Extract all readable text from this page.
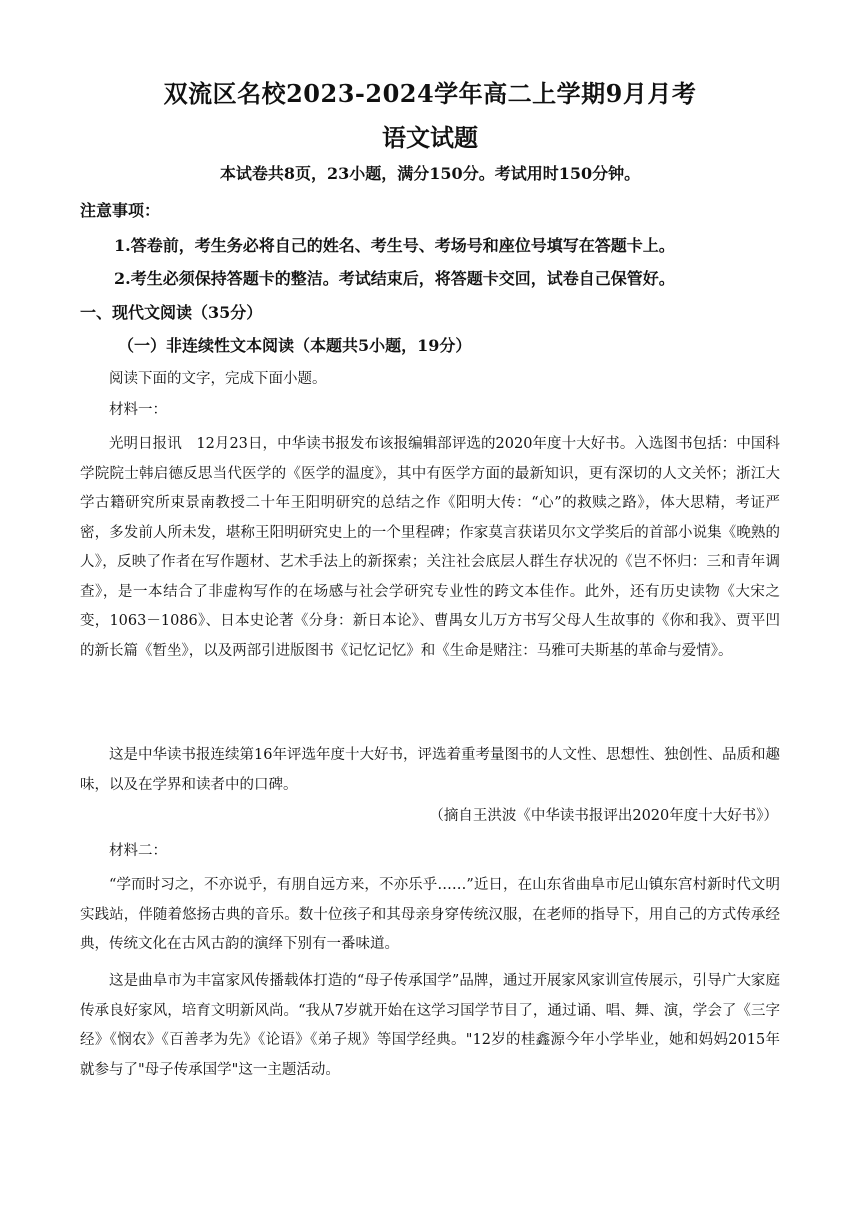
双流区名校2023-2024学年高二上学期9月月考
语文试题
本试卷共8页，23小题，满分150分。考试用时150分钟。
注意事项：
1.答卷前，考生务必将自己的姓名、考生号、考场号和座位号填写在答题卡上。
2.考生必须保持答题卡的整洁。考试结束后，将答题卡交回，试卷自己保管好。
一、现代文阅读（35分）
（一）非连续性文本阅读（本题共5小题，19分）
阅读下面的文字，完成下面小题。
材料一：
光明日报讯　12月23日，中华读书报发布该报编辑部评选的2020年度十大好书。入选图书包括：中国科学院院士韩启德反思当代医学的《医学的温度》，其中有医学方面的最新知识，更有深切的人文关怀；浙江大学古籍研究所束景南教授二十年王阳明研究的总结之作《阳明大传：“心”的救赎之路》，体大思精，考证严密，多发前人所未发，堪称王阳明研究史上的一个里程碑；作家莫言获诺贝尔文学奖后的首部小说集《晚熟的人》，反映了作者在写作题材、艺术手法上的新探索；关注社会底层人群生存状况的《岂不怀归：三和青年调查》，是一本结合了非虚构写作的在场感与社会学研究专业性的跨文本佳作。此外，还有历史读物《大宋之变，1063－1086》、日本史论著《分身：新日本论》、曹禺女儿万方书写父母人生故事的《你和我》、贾平凹的新长篇《暂坐》，以及两部引进版图书《记忆记忆》和《生命是赌注：马雅可夫斯基的革命与爱情》。
这是中华读书报连续第16年评选年度十大好书，评选着重考量图书的人文性、思想性、独创性、品质和趣味，以及在学界和读者中的口碑。
（摘自王洪波《中华读书报评出2020年度十大好书》）
材料二：
“学而时习之，不亦说乎，有朋自远方来，不亦乐乎……”近日，在山东省曲阜市尼山镇东宫村新时代文明实践站，伴随着悠扬古典的音乐。数十位孩子和其母亲身穿传统汉服，在老师的指导下，用自己的方式传承经典，传统文化在古风古韵的演绎下别有一番味道。
这是曲阜市为丰富家风传播载体打造的“母子传承国学”品牌，通过开展家风家训宣传展示，引导广大家庭传承良好家风，培育文明新风尚。“我从7岁就开始在这学习国学节目了，通过诵、唱、舞、演，学会了《三字经》《悯农》《百善孝为先》《论语》《弟子规》等国学经典。"12岁的桂鑫源今年小学毕业，她和妈妈2015年就参与了"母子传承国学"这一主题活动。
